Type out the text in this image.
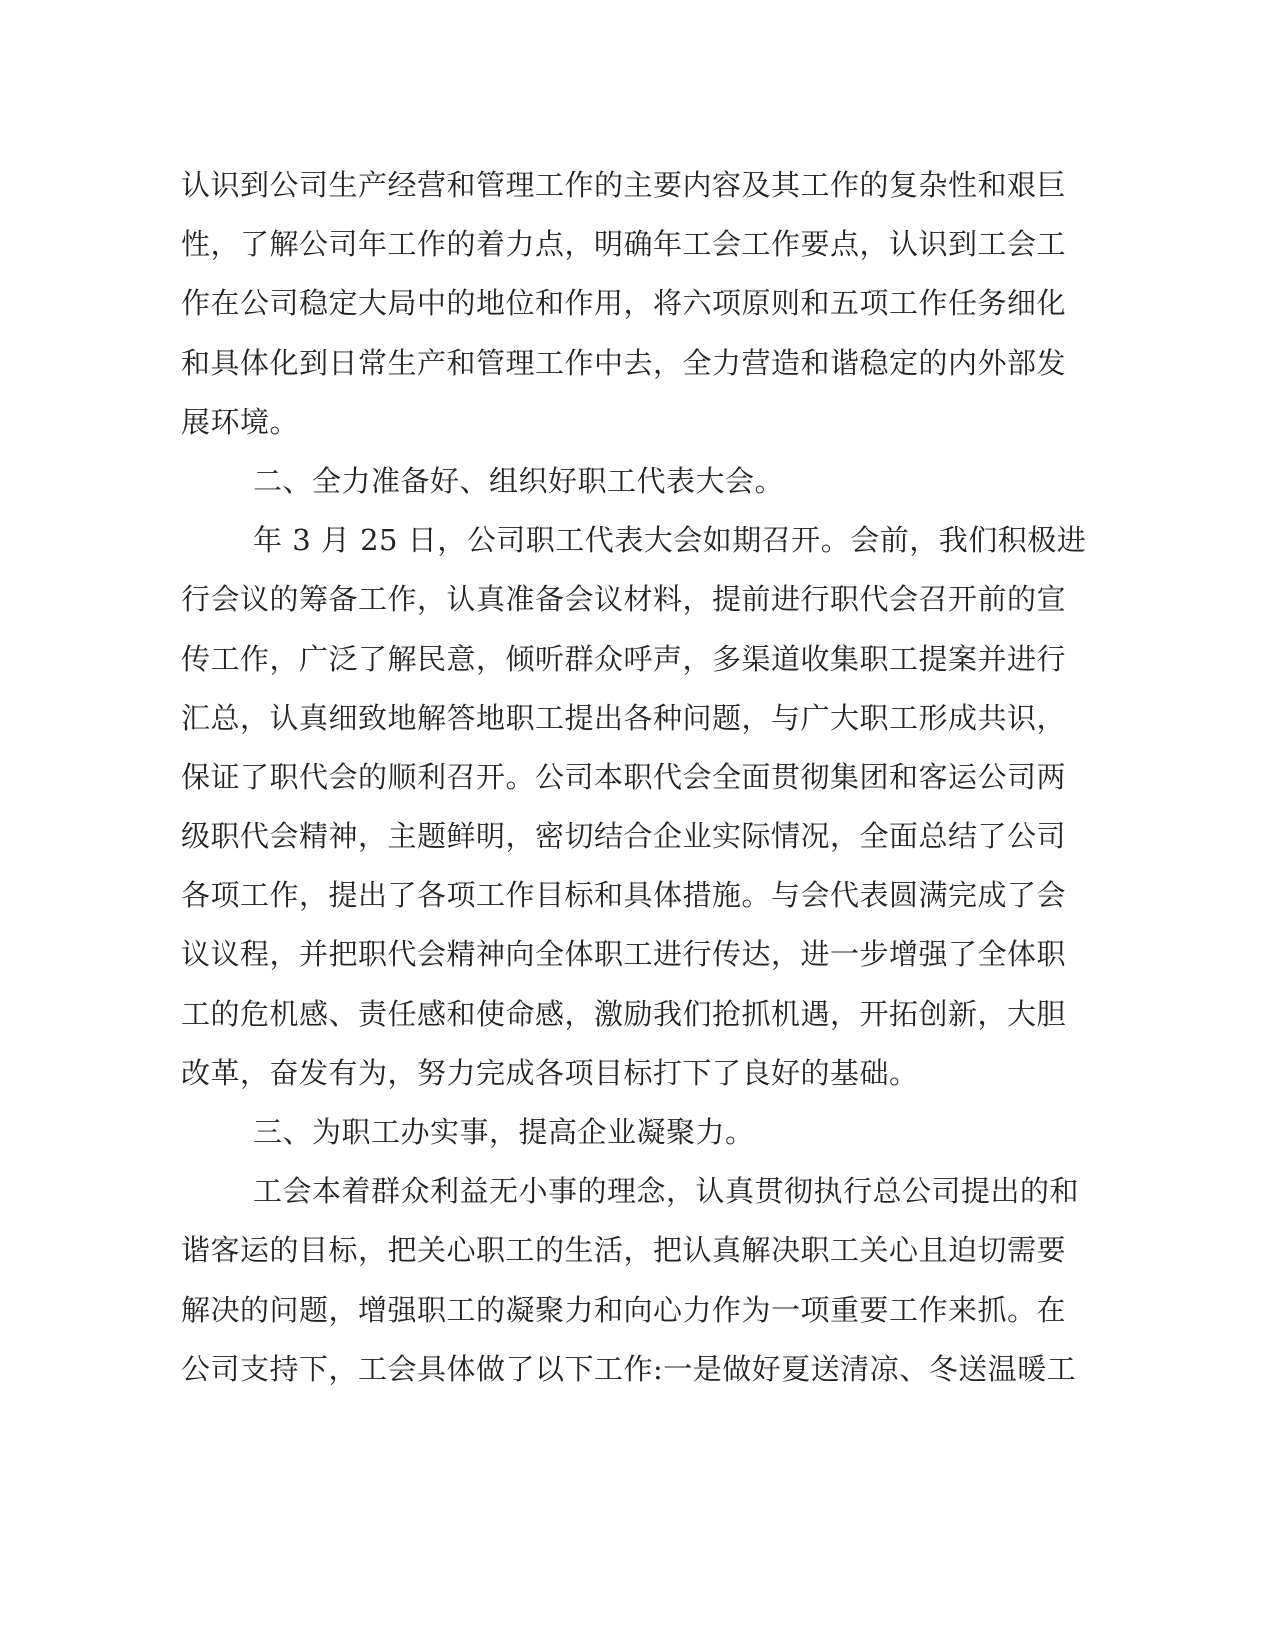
认识到公司生产经营和管理工作的主要内容及其工作的复杂性和艰巨
性，了解公司年工作的着力点，明确年工会工作要点，认识到工会工
作在公司稳定大局中的地位和作用，将六项原则和五项工作任务细化
和具体化到日常生产和管理工作中去，全力营造和谐稳定的内外部发
展环境。
二、全力准备好、组织好职工代表大会。
年 3 月 25 日，公司职工代表大会如期召开。会前，我们积极进
行会议的筹备工作，认真准备会议材料，提前进行职代会召开前的宣
传工作，广泛了解民意，倾听群众呼声，多渠道收集职工提案并进行
汇总，认真细致地解答地职工提出各种问题，与广大职工形成共识，
保证了职代会的顺利召开。公司本职代会全面贯彻集团和客运公司两
级职代会精神，主题鲜明，密切结合企业实际情况，全面总结了公司
各项工作，提出了各项工作目标和具体措施。与会代表圆满完成了会
议议程，并把职代会精神向全体职工进行传达，进一步增强了全体职
工的危机感、责任感和使命感，激励我们抢抓机遇，开拓创新，大胆
改革，奋发有为，努力完成各项目标打下了良好的基础。
三、为职工办实事，提高企业凝聚力。
工会本着群众利益无小事的理念，认真贯彻执行总公司提出的和
谐客运的目标，把关心职工的生活，把认真解决职工关心且迫切需要
解决的问题，增强职工的凝聚力和向心力作为一项重要工作来抓。在
公司支持下，工会具体做了以下工作:一是做好夏送清凉、冬送温暖工
